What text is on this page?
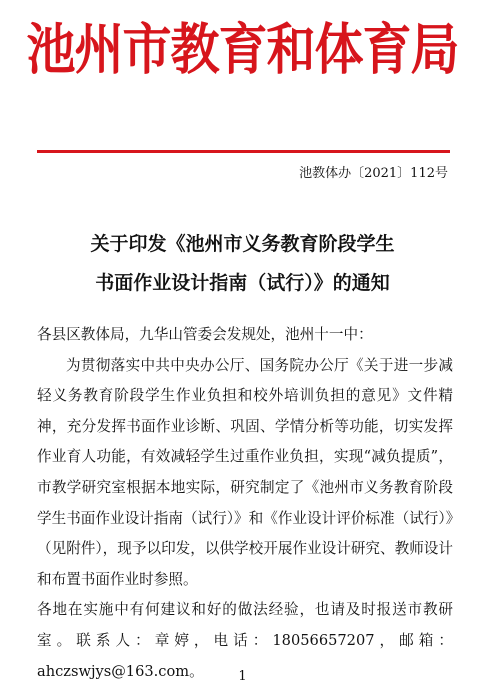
池州市教育和体育局
池教体办〔2021〕112号
关于印发《池州市义务教育阶段学生
书面作业设计指南（试行）》的通知

各县区教体局，九华山管委会发规处，池州十一中：

为贯彻落实中共中央办公厅、国务院办公厅《关于进一步减轻义务教育阶段学生作业负担和校外培训负担的意见》文件精神，充分发挥书面作业诊断、巩固、学情分析等功能，切实发挥作业育人功能，有效减轻学生过重作业负担，实现“减负提质”，市教学研究室根据本地实际，研究制定了《池州市义务教育阶段学生书面作业设计指南（试行）》和《作业设计评价标准（试行）》（见附件），现予以印发，以供学校开展作业设计研究、教师设计和布置书面作业时参照。

各地在实施中有何建议和好的做法经验，也请及时报送市教研室。联系人：章婷，电话：18056657207，邮箱：ahczswjys@163.com。	1
